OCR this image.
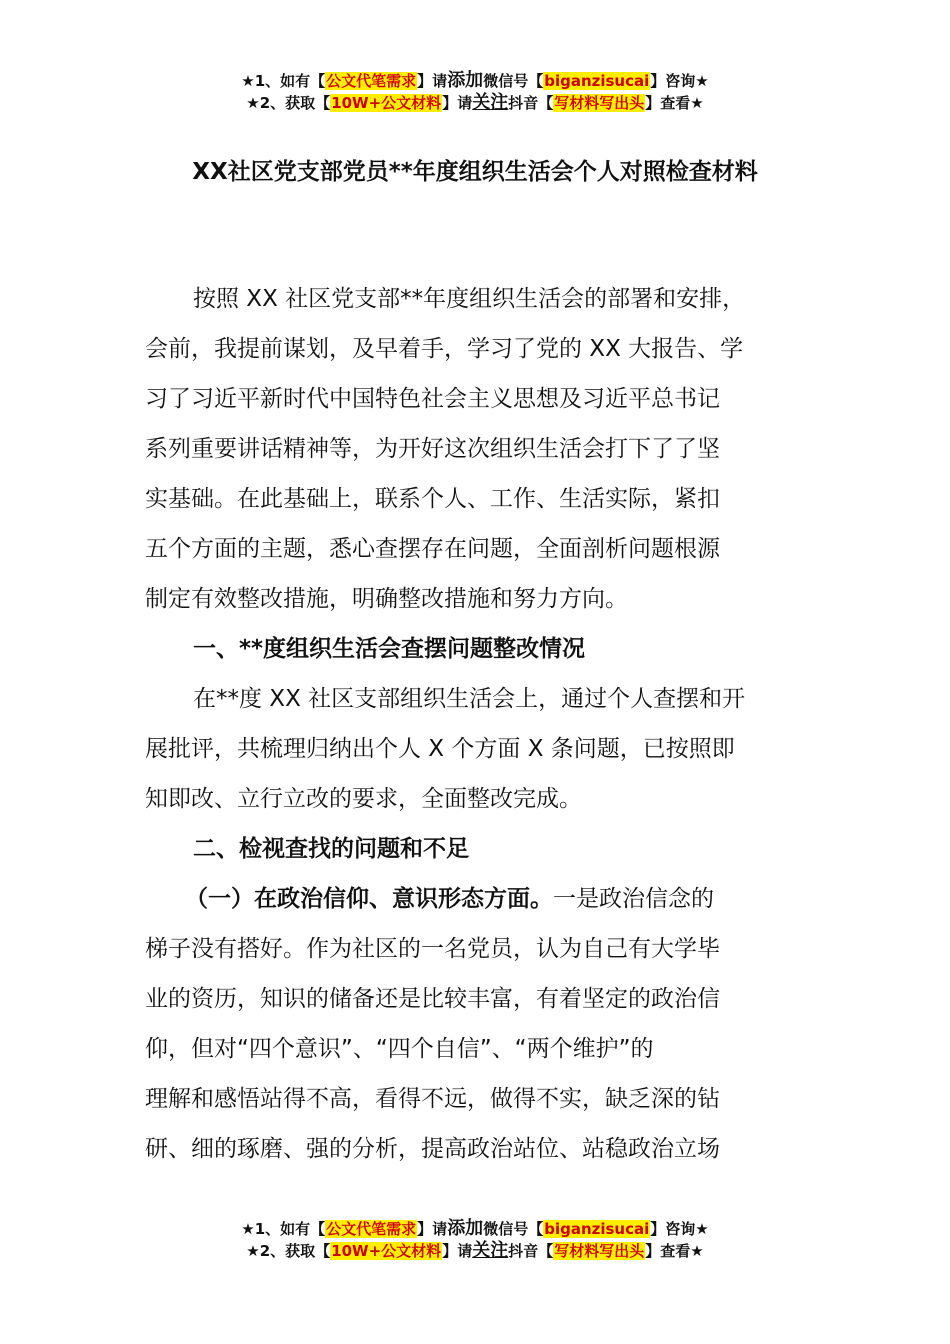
★1、如有【公文代笔需求】请添加微信号【biganzisucai】咨询★
★2、获取【10W+公文材料】请关注抖音【写材料写出头】查看★
XX社区党支部党员**年度组织生活会个人对照检查材料

按照 XX 社区党支部**年度组织生活会的部署和安排，

会前，我提前谋划，及早着手，学习了党的 XX 大报告、学

习了习近平新时代中国特色社会主义思想及习近平总书记

系列重要讲话精神等，为开好这次组织生活会打下了了坚

实基础。在此基础上，联系个人、工作、生活实际，紧扣

五个方面的主题，悉心查摆存在问题，全面剖析问题根源

制定有效整改措施，明确整改措施和努力方向。

一、**度组织生活会查摆问题整改情况

在**度 XX 社区支部组织生活会上，通过个人查摆和开

展批评，共梳理归纳出个人 X 个方面 X 条问题，已按照即

知即改、立行立改的要求，全面整改完成。

二、检视查找的问题和不足

（一）在政治信仰、意识形态方面。一是政治信念的

梯子没有搭好。作为社区的一名党员，认为自己有大学毕

业的资历，知识的储备还是比较丰富，有着坚定的政治信

仰，但对“四个意识”、“四个自信”、“两个维护”的

理解和感悟站得不高，看得不远，做得不实，缺乏深的钻

研、细的琢磨、强的分析，提高政治站位、站稳政治立场

★1、如有【公文代笔需求】请添加微信号【biganzisucai】咨询★
★2、获取【10W+公文材料】请关注抖音【写材料写出头】查看★
